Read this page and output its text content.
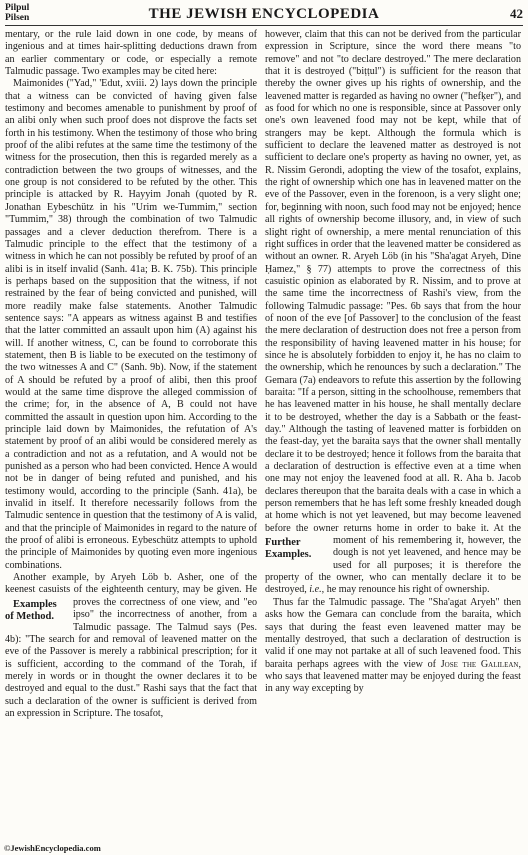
Pilpul
Pilsen	THE JEWISH ENCYCLOPEDIA	42

mentary, or the rule laid down in one code, by means of ingenious and at times hair-splitting deductions drawn from an earlier commentary or code, or especially a remote Talmudic passage. Two examples may be cited here:

Maimonides ("Yad," 'Edut, xviii. 2) lays down the principle that a witness can be convicted of having given false testimony and becomes amenable to punishment by proof of an alibi only when such proof does not disprove the facts set forth in his testimony. When the testimony of those who bring proof of the alibi refutes at the same time the testimony of the witness for the prosecution, then this is regarded merely as a contradiction between the two groups of witnesses, and the one group is not considered to be refuted by the other. This principle is attacked by R. Hayyim Jonah (quoted by R. Jonathan Eybeschütz in his "Urim we-Tummim," section "Tummim," 38) through the combination of two Talmudic passages and a clever deduction therefrom. There is a Talmudic principle to the effect that the testimony of a witness in which he can not possibly be refuted by proof of an alibi is in itself invalid (Sanh. 41a; B. K. 75b). This principle is perhaps based on the supposition that the witness, if not restrained by the fear of being convicted and punished, will more readily make false statements. Another Talmudic sentence says: "A appears as witness against B and testifies that the latter committed an assault upon him (A) against his will. If another witness, C, can be found to corroborate this statement, then B is liable to be executed on the testimony of the two witnesses A and C" (Sanh. 9b). Now, if the statement of A should be refuted by a proof of alibi, then this proof would at the same time disprove the alleged commission of the crime; for, in the absence of A, B could not have committed the assault in question upon him. According to the principle laid down by Maimonides, the refutation of A's statement by proof of an alibi would be considered merely as a contradiction and not as a refutation, and A would not be punished as a person who had been convicted. Hence A would not be in danger of being refuted and punished, and his testimony would, according to the principle (Sanh. 41a), be invalid in itself. It therefore necessarily follows from the Talmudic sentence in question that the testimony of A is valid, and that the principle of Maimonides in regard to the nature of the proof of alibi is erroneous. Eybeschütz attempts to uphold the principle of Maimonides by quoting even more ingenious combinations.

Another example, by Aryeh Löb b. Asher, one of the keenest casuists of the eighteenth century, may be given. He
Examples of Method.
proves the correctness of one view, and "eo ipso" the incorrectness of another, from a Talmudic passage. The Talmud says (Pes. 4b): "The search for and removal of leavened matter on the eve of the Passover is merely a rabbinical prescription; for it is sufficient, according to the command of the Torah, if merely in words or in thought the owner declares it to be destroyed and equal to the dust." Rashi says that the fact that such a declaration of the owner is sufficient is derived from an expression in Scripture. The tosafot,

however, claim that this can not be derived from the particular expression in Scripture, since the word there means "to remove" and not "to declare destroyed." The mere declaration that it is destroyed ("biṭṭul") is sufficient for the reason that thereby the owner gives up his rights of ownership, and the leavened matter is regarded as having no owner ("hefḳer"), and as food for which no one is responsible, since at Passover only one's own leavened food may not be kept, while that of strangers may be kept. Although the formula which is sufficient to declare the leavened matter as destroyed is not sufficient to declare one's property as having no owner, yet, as R. Nissim Gerondi, adopting the view of the tosafot, explains, the right of ownership which one has in leavened matter on the eve of the Passover, even in the forenoon, is a very slight one; for, beginning with noon, such food may not be enjoyed; hence all rights of ownership become illusory, and, in view of such slight right of ownership, a mere mental renunciation of this right suffices in order that the leavened matter be considered as without an owner. R. Aryeh Löb (in his "Sha'agat Aryeh, Dine Ḥamez," § 77) attempts to prove the correctness of this casuistic opinion as elaborated by R. Nissim, and to prove at the same time the incorrectness of Rashi's view, from the following Talmudic passage: "Pes. 6b says that from the hour of noon of the eve [of Passover] to the conclusion of the feast the mere declaration of destruction does not free a person from the responsibility of having leavened matter in his house; for since he is absolutely forbidden to enjoy it, he has no claim to the ownership, which he renounces by such a declaration." The Gemara (7a) endeavors to refute this assertion by the following baraita: "If a person, sitting in the schoolhouse, remembers that he has leavened matter in his house, he shall mentally declare it to be destroyed, whether the day is a Sabbath or the feast-day." Although the tasting of leavened matter is forbidden on the feast-day, yet the baraita says that the owner shall mentally declare it to be destroyed; hence it follows from the baraita that a declaration of destruction is effective even at a time when one may not enjoy the leavened food at all. R. Aha b. Jacob declares thereupon that the baraita deals with a case in which a person remembers that he has left some freshly kneaded dough at home which is not yet leavened, but may become leavened before the owner returns home in order to bake it. At
Further Examples.
the moment of his remembering it, however, the dough is not yet leavened, and hence may be used for all purposes; it is therefore the property of the owner, who can mentally declare it to be destroyed, i.e., he may renounce his right of ownership.

Thus far the Talmudic passage. The "Sha'agat Aryeh" then asks how the Gemara can conclude from the baraita, which says that during the feast even leavened matter may be mentally destroyed, that such a declaration of destruction is valid if one may not partake at all of such leavened food. This baraita perhaps agrees with the view of Jose the Galilean, who says that leavened matter may be enjoyed during the feast in any way excepting by

©JewishEncyclopedia.com
